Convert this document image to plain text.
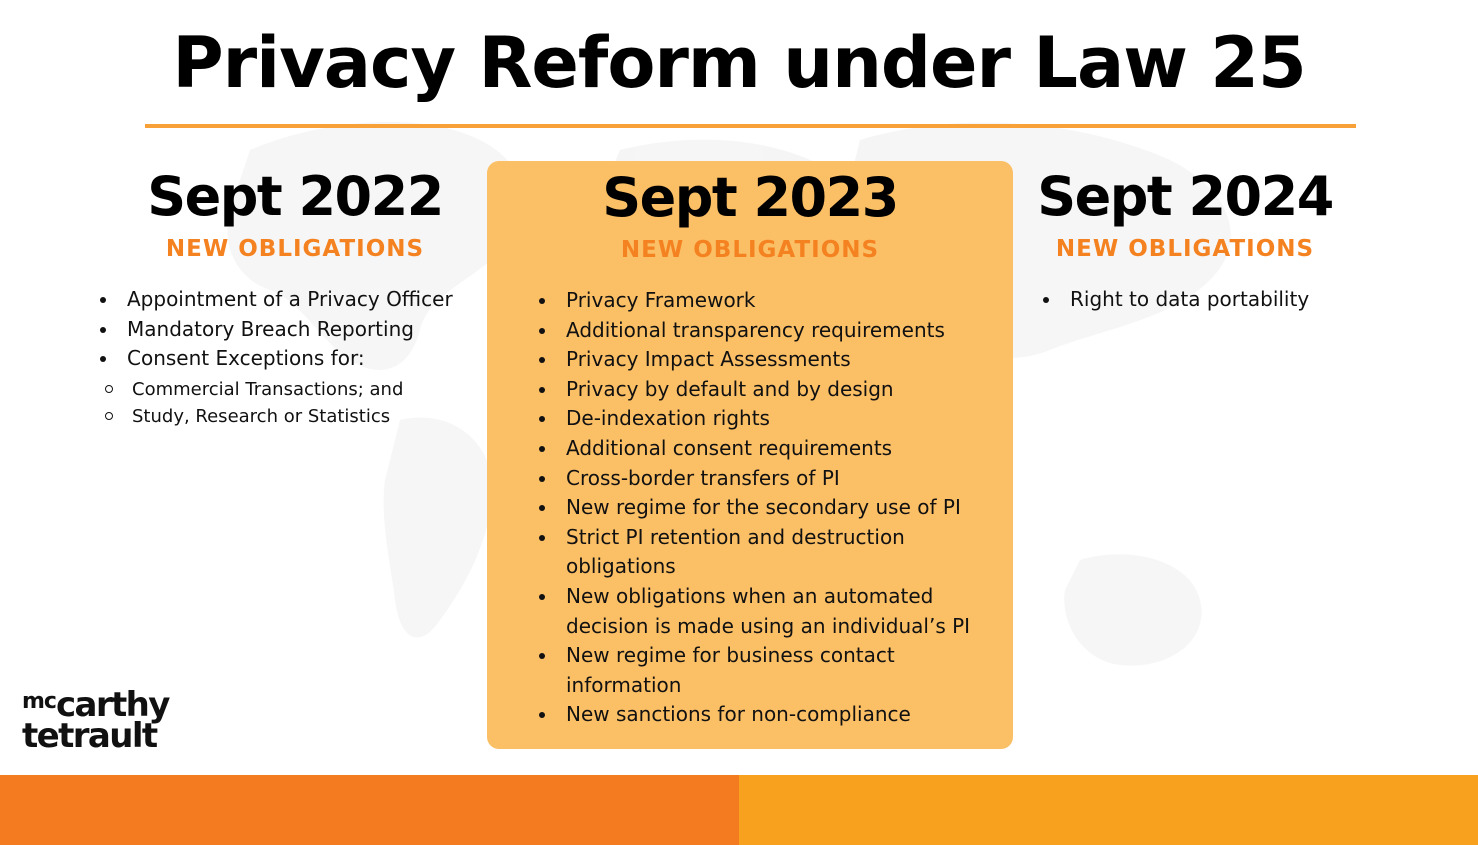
Privacy Reform under Law 25
Sept 2022
NEW OBLIGATIONS
Appointment of a Privacy Officer
Mandatory Breach Reporting
Consent Exceptions for:
Commercial Transactions; and
Study, Research or Statistics
Sept 2023
NEW OBLIGATIONS
Privacy Framework
Additional transparency requirements
Privacy Impact Assessments
Privacy by default and by design
De-indexation rights
Additional consent requirements
Cross-border transfers of PI
New regime for the secondary use of PI
Strict PI retention and destruction obligations
New obligations when an automated decision is made using an individual’s PI
New regime for business contact information
New sanctions for non-compliance
Sept 2024
NEW OBLIGATIONS
Right to data portability
$^{mc}$carthy
tetrault
